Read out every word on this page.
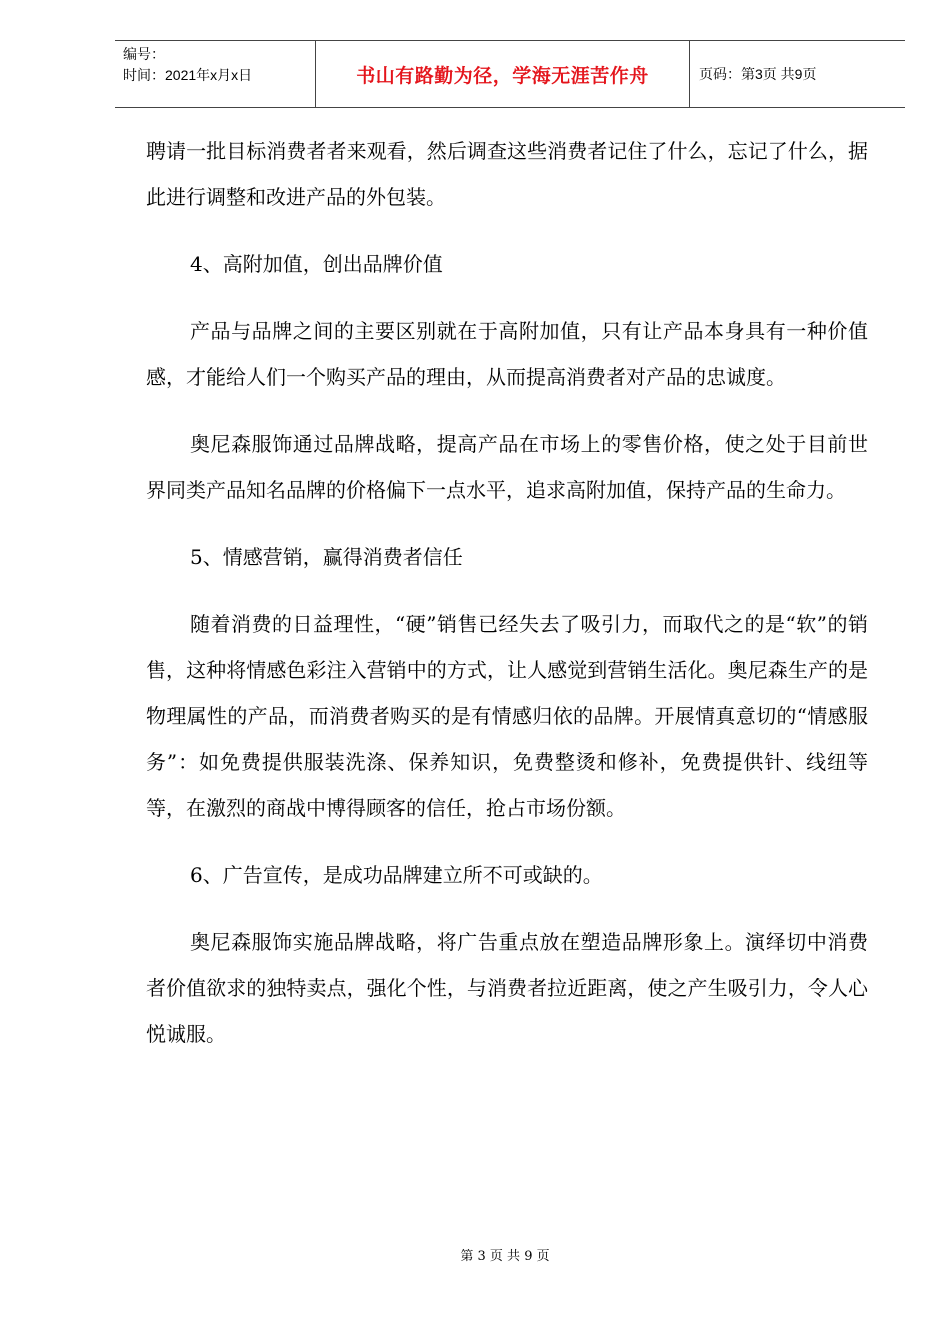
编号：
时间：2021年x月x日	书山有路勤为径，学海无涯苦作舟	页码：第3页 共9页

聘请一批目标消费者者来观看，然后调查这些消费者记住了什么，忘记了什么，据此进行调整和改进产品的外包装。

4、高附加值，创出品牌价值

产品与品牌之间的主要区别就在于高附加值，只有让产品本身具有一种价值感，才能给人们一个购买产品的理由，从而提高消费者对产品的忠诚度。

奥尼森服饰通过品牌战略，提高产品在市场上的零售价格，使之处于目前世界同类产品知名品牌的价格偏下一点水平，追求高附加值，保持产品的生命力。

5、情感营销，赢得消费者信任

随着消费的日益理性，“硬”销售已经失去了吸引力，而取代之的是“软”的销售，这种将情感色彩注入营销中的方式，让人感觉到营销生活化。奥尼森生产的是物理属性的产品，而消费者购买的是有情感归依的品牌。开展情真意切的“情感服务”：如免费提供服装洗涤、保养知识，免费整烫和修补，免费提供针、线纽等等，在激烈的商战中博得顾客的信任，抢占市场份额。

6、广告宣传，是成功品牌建立所不可或缺的。

奥尼森服饰实施品牌战略，将广告重点放在塑造品牌形象上。演绎切中消费者价值欲求的独特卖点，强化个性，与消费者拉近距离，使之产生吸引力，令人心悦诚服。

第 3 页 共 9 页
